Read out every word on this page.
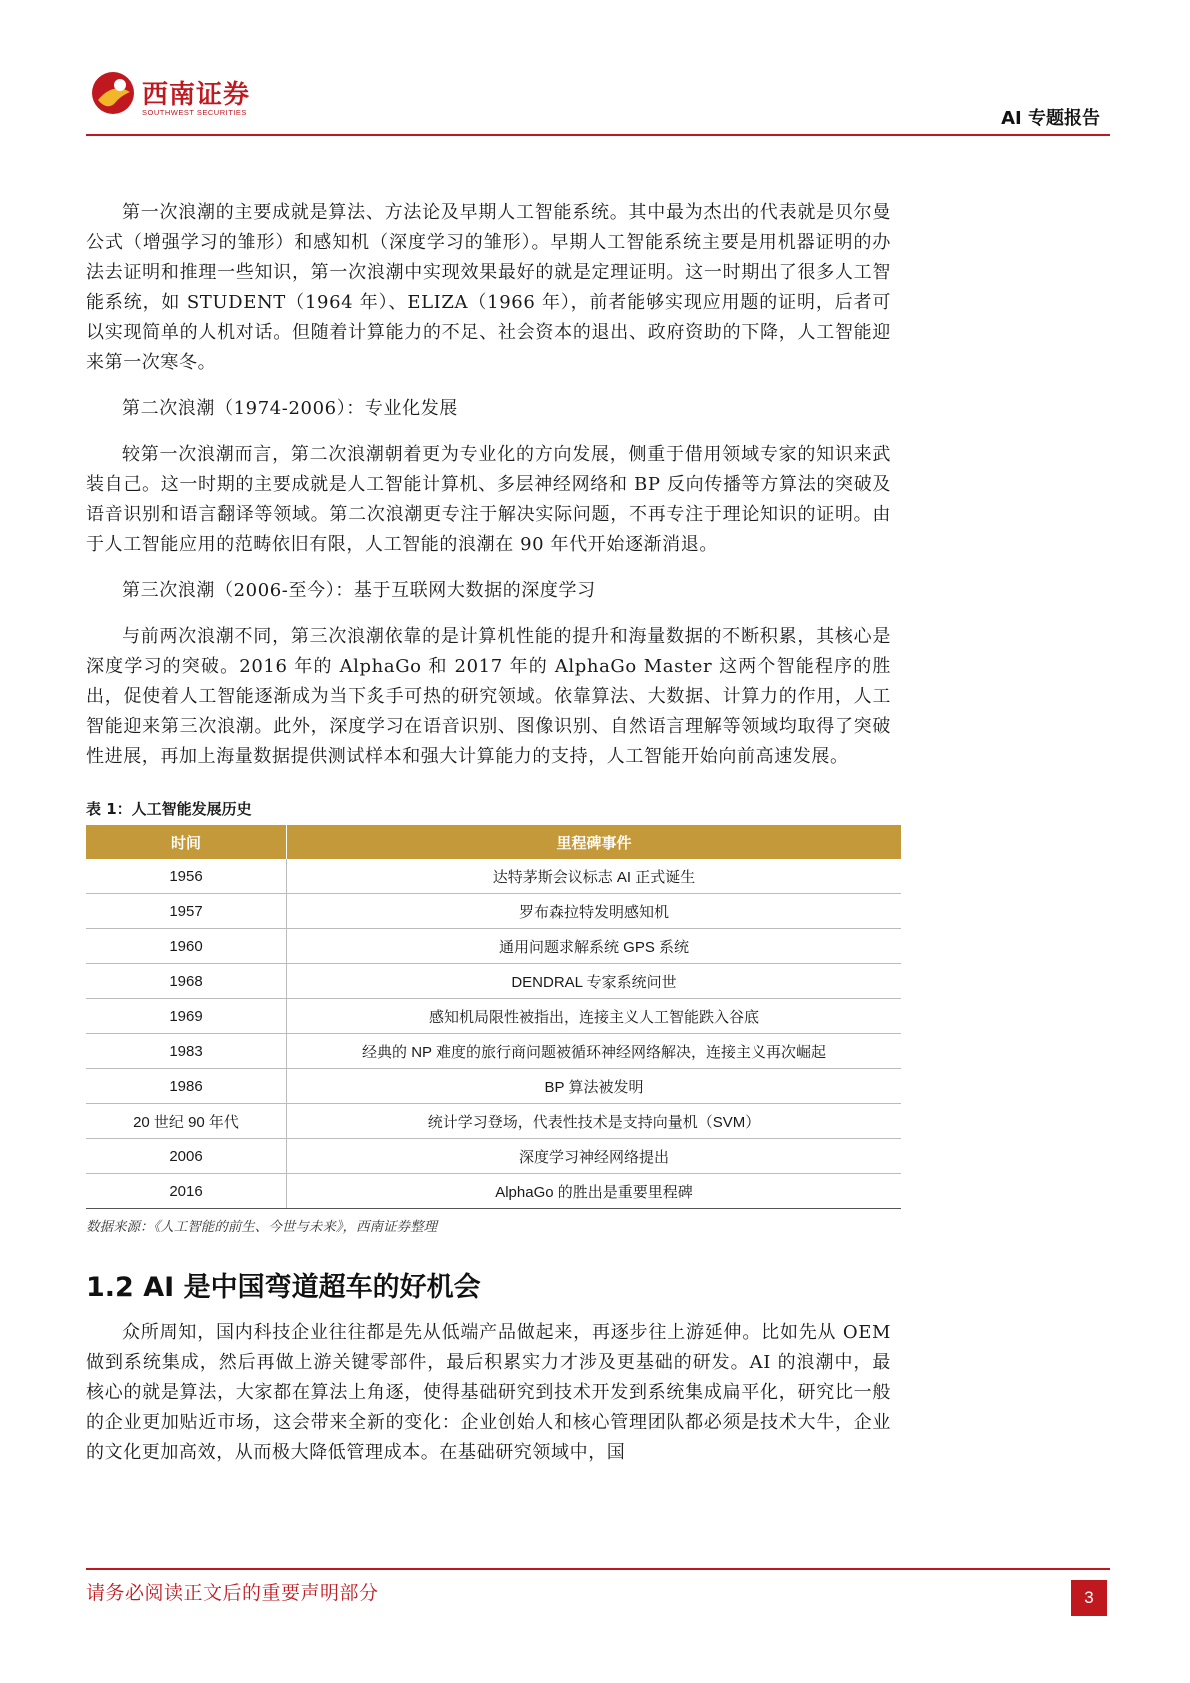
西南证券
SOUTHWEST SECURITIES	AI 专题报告

第一次浪潮的主要成就是算法、方法论及早期人工智能系统。其中最为杰出的代表就是贝尔曼公式（增强学习的雏形）和感知机（深度学习的雏形）。早期人工智能系统主要是用机器证明的办法去证明和推理一些知识，第一次浪潮中实现效果最好的就是定理证明。这一时期出了很多人工智能系统，如 STUDENT（1964 年）、ELIZA（1966 年），前者能够实现应用题的证明，后者可以实现简单的人机对话。但随着计算能力的不足、社会资本的退出、政府资助的下降，人工智能迎来第一次寒冬。

第二次浪潮（1974-2006）：专业化发展

较第一次浪潮而言，第二次浪潮朝着更为专业化的方向发展，侧重于借用领域专家的知识来武装自己。这一时期的主要成就是人工智能计算机、多层神经网络和 BP 反向传播等方算法的突破及语音识别和语言翻译等领域。第二次浪潮更专注于解决实际问题，不再专注于理论知识的证明。由于人工智能应用的范畴依旧有限，人工智能的浪潮在 90 年代开始逐渐消退。

第三次浪潮（2006-至今）：基于互联网大数据的深度学习

与前两次浪潮不同，第三次浪潮依靠的是计算机性能的提升和海量数据的不断积累，其核心是深度学习的突破。2016 年的 AlphaGo 和 2017 年的 AlphaGo Master 这两个智能程序的胜出，促使着人工智能逐渐成为当下炙手可热的研究领域。依靠算法、大数据、计算力的作用，人工智能迎来第三次浪潮。此外，深度学习在语音识别、图像识别、自然语言理解等领域均取得了突破性进展，再加上海量数据提供测试样本和强大计算能力的支持，人工智能开始向前高速发展。

表 1：人工智能发展历史
时间	里程碑事件
1956	达特茅斯会议标志 AI 正式诞生
1957	罗布森拉特发明感知机
1960	通用问题求解系统 GPS 系统
1968	DENDRAL 专家系统问世
1969	感知机局限性被指出，连接主义人工智能跌入谷底
1983	经典的 NP 难度的旅行商问题被循环神经网络解决，连接主义再次崛起
1986	BP 算法被发明
20 世纪 90 年代	统计学习登场，代表性技术是支持向量机（SVM）
2006	深度学习神经网络提出
2016	AlphaGo 的胜出是重要里程碑
数据来源：《人工智能的前生、今世与未来》，西南证券整理
1.2 AI 是中国弯道超车的好机会

众所周知，国内科技企业往往都是先从低端产品做起来，再逐步往上游延伸。比如先从 OEM 做到系统集成，然后再做上游关键零部件，最后积累实力才涉及更基础的研发。AI 的浪潮中，最核心的就是算法，大家都在算法上角逐，使得基础研究到技术开发到系统集成扁平化，研究比一般的企业更加贴近市场，这会带来全新的变化：企业创始人和核心管理团队都必须是技术大牛，企业的文化更加高效，从而极大降低管理成本。在基础研究领域中，国

请务必阅读正文后的重要声明部分	3
